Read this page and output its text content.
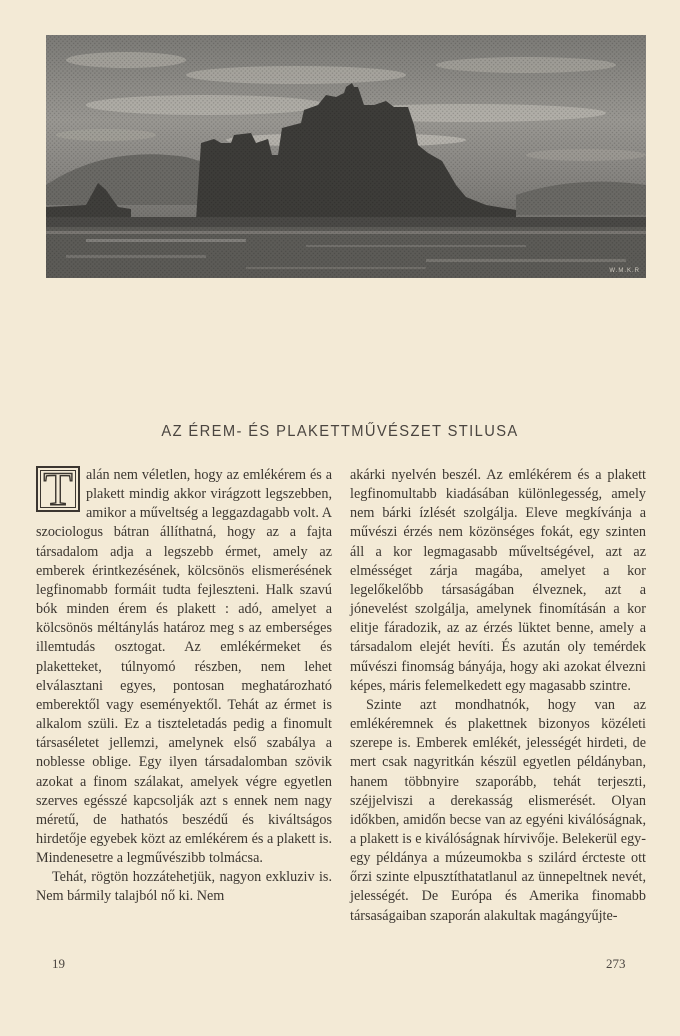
W.M.K.R
AZ ÉREM- ÉS PLAKETTMŰVÉSZET STILUSA

T alán nem véletlen, hogy az emlékérem és a plakett mindig akkor virágzott legszebben, amikor a műveltség a leggazdagabb volt. A szociologus bátran állíthatná, hogy az a fajta társadalom adja a legszebb érmet, amely az emberek érintkezésének, kölcsönös elismerésének legfinomabb formáit tudta fejleszteni. Halk szavú bók minden érem és plakett : adó, amelyet a kölcsönös méltánylás határoz meg s az emberséges illemtudás osztogat. Az emlékérmeket és plaketteket, túlnyomó részben, nem lehet elválasztani egyes, pontosan meghatározható emberektől vagy eseményektől. Tehát az érmet is alkalom szüli. Ez a tiszteletadás pedig a finomult társaséletet jellemzi, amelynek első szabálya a noblesse oblige. Egy ilyen társadalomban szövik azokat a finom szálakat, amelyek végre egyetlen szerves egésszé kapcsolják azt s ennek nem nagy méretű, de hathatós beszédű és kiváltságos hirdetője egyebek közt az emlékérem és a plakett is. Mindenesetre a legművészibb tolmácsa.

Tehát, rögtön hozzátehetjük, nagyon exkluziv is. Nem bármily talajból nő ki. Nem

akárki nyelvén beszél. Az emlékérem és a plakett legfinomultabb kiadásában különlegesség, amely nem bárki ízlését szolgálja. Eleve megkívánja a művészi érzés nem közönséges fokát, egy szinten áll a kor legmagasabb műveltségével, azt az elmésséget zárja magába, amelyet a kor legelőkelőbb társaságában élveznek, azt a jónevelést szolgálja, amelynek finomításán a kor elitje fáradozik, az az érzés lüktet benne, amely a társadalom elejét hevíti. És azután oly temérdek művészi finomság bányája, hogy aki azokat élvezni képes, máris felemelkedett egy magasabb szintre.

Szinte azt mondhatnók, hogy van az emlékéremnek és plakettnek bizonyos közéleti szerepe is. Emberek emlékét, jelességét hirdeti, de mert csak nagyritkán készül egyetlen példányban, hanem többnyire szaporább, tehát terjeszti, széjjelviszi a derekasság elismerését. Olyan időkben, amidőn becse van az egyéni kiválóságnak, a plakett is e kiválóságnak hírvivője. Belekerül egy-egy példánya a múzeumokba s szilárd ércteste ott őrzi szinte elpusztíthatatlanul az ünnepeltnek nevét, jelességét. De Európa és Amerika finomabb társaságaiban szaporán alakultak magángyűjte-

19	273
